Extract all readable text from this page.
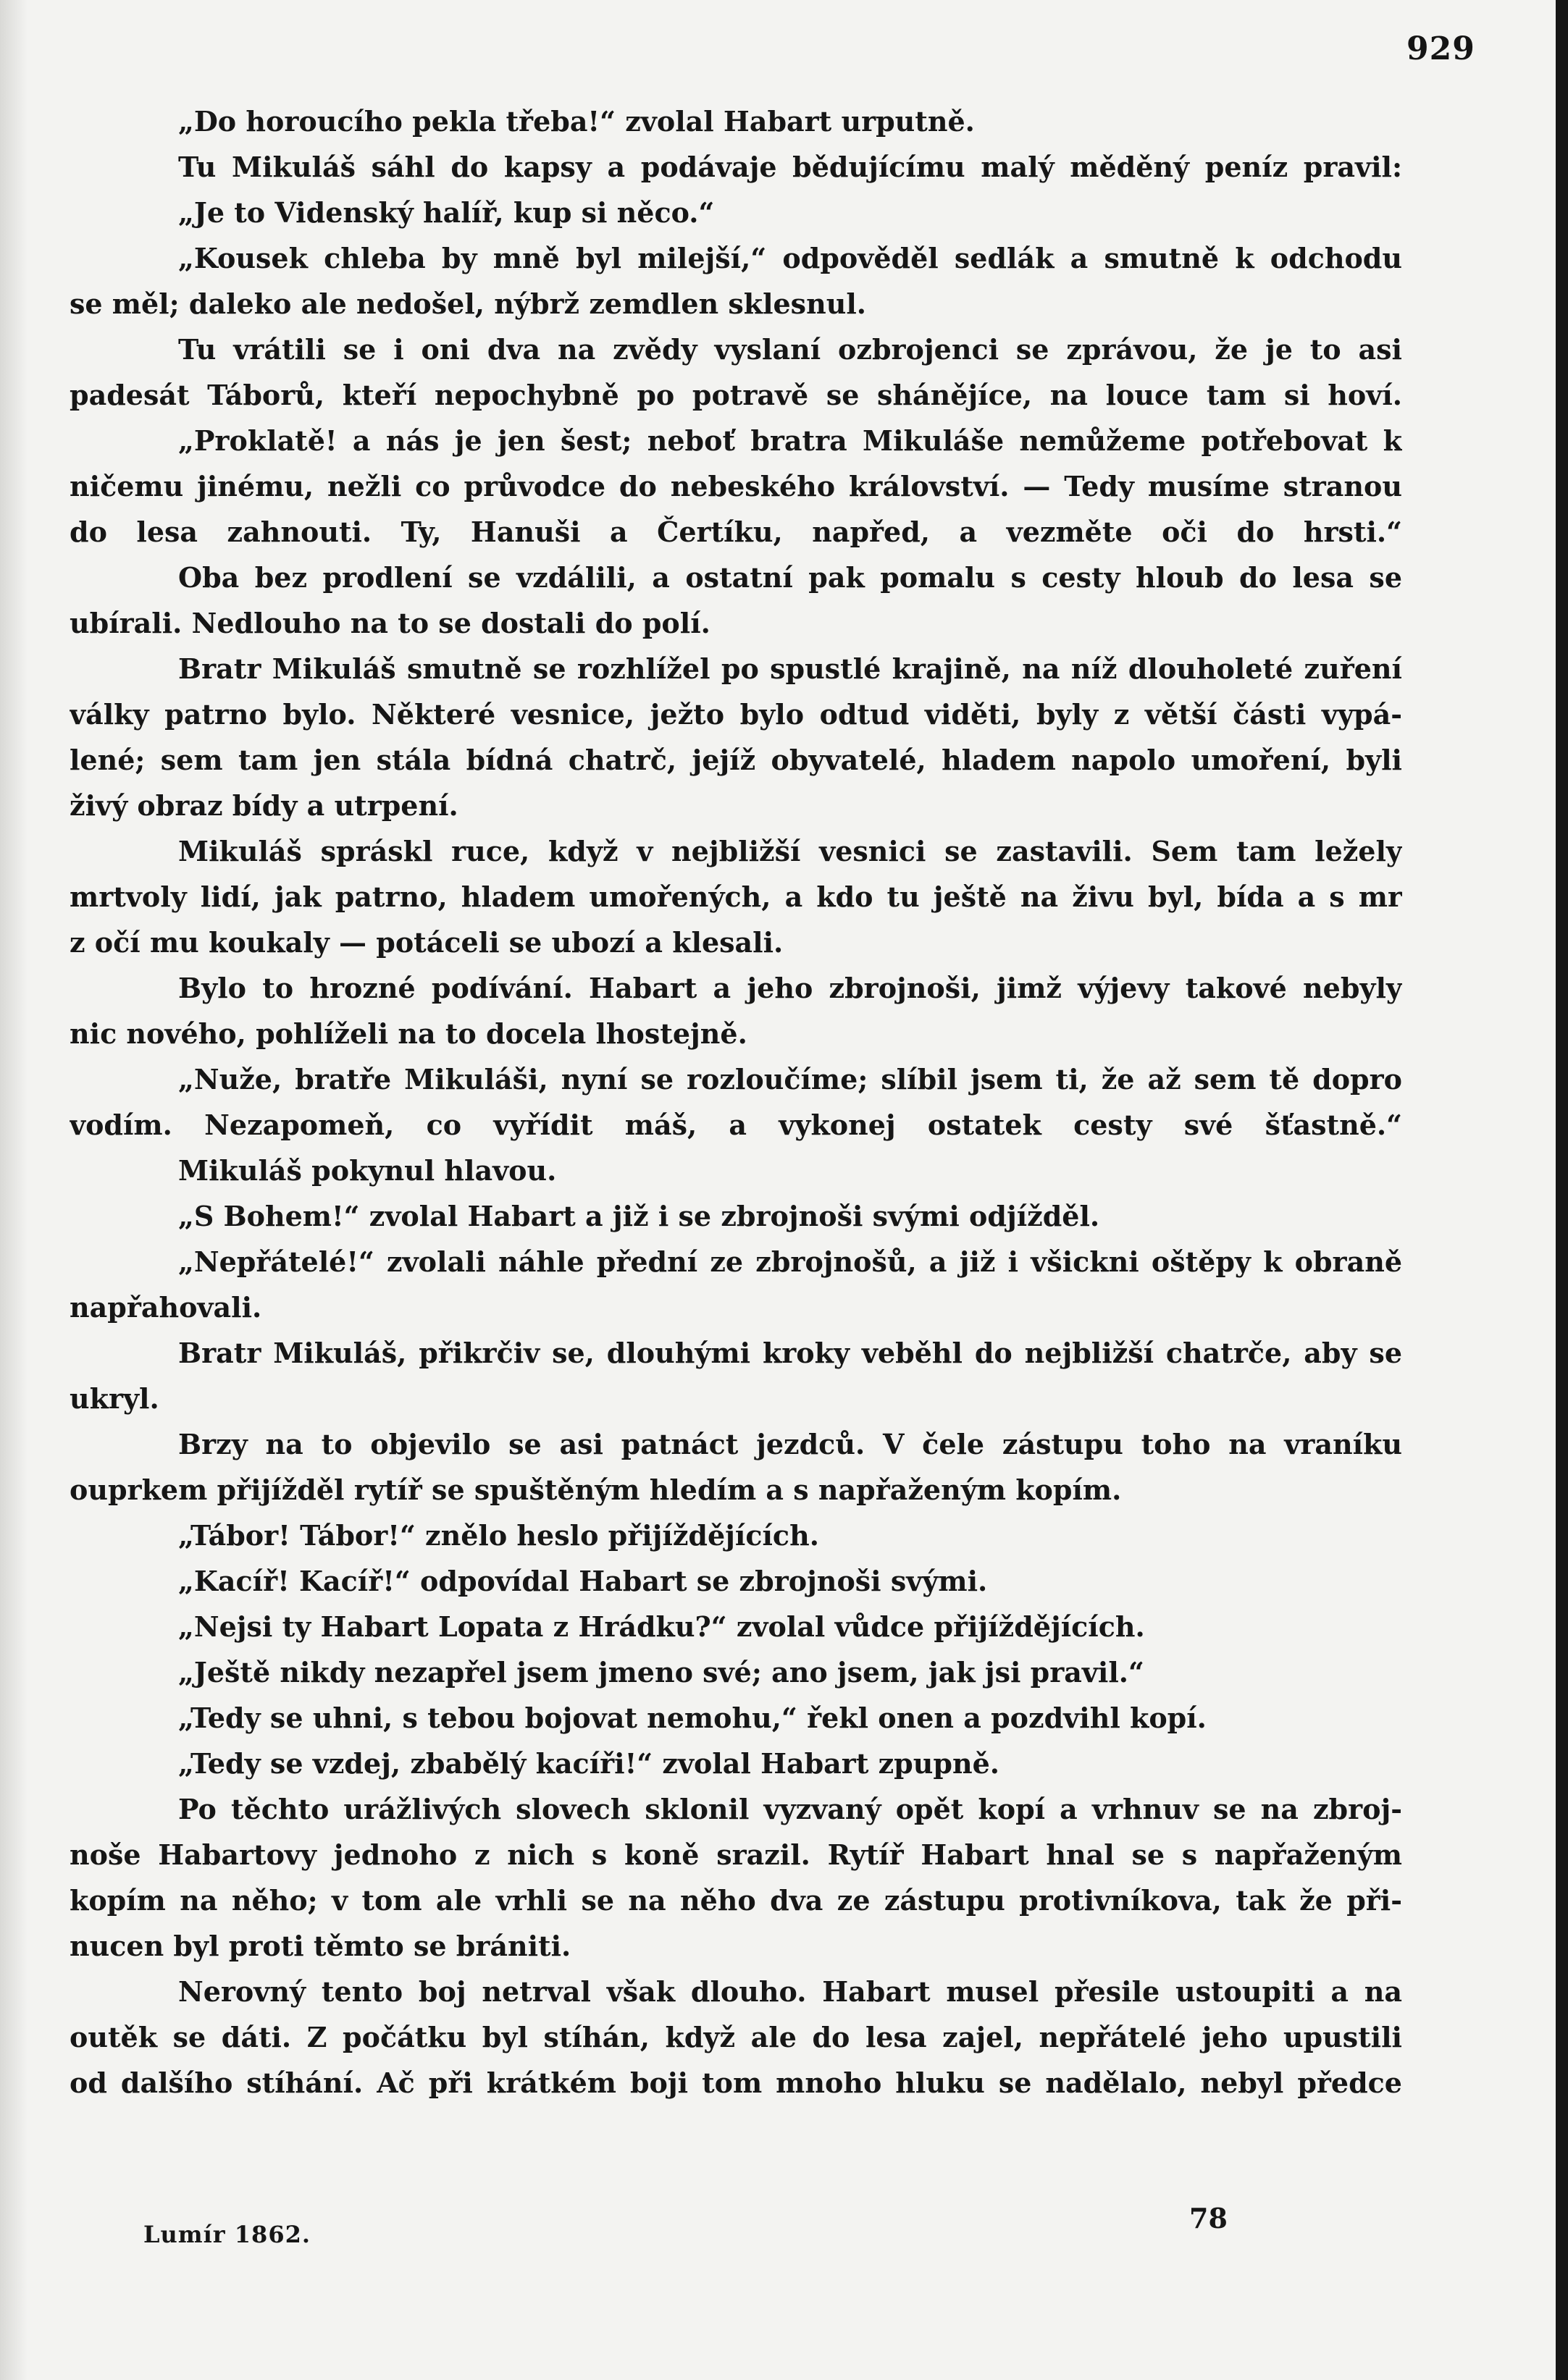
929
„Do horoucího pekla třeba!“ zvolal Habart urputně.
Tu Mikuláš sáhl do kapsy a podávaje bědujícímu malý měděný peníz pravil:
„Je to Videnský halíř, kup si něco.“
„Kousek chleba by mně byl milejší,“ odpověděl sedlák a smutně k odchodu
se měl; daleko ale nedošel, nýbrž zemdlen sklesnul.
Tu vrátili se i oni dva na zvědy vyslaní ozbrojenci se zprávou, že je to asi
padesát Táborů, kteří nepochybně po potravě se shánějíce, na louce tam si hoví.
„Proklatě! a nás je jen šest; neboť bratra Mikuláše nemůžeme potřebovat k
ničemu jinému, nežli co průvodce do nebeského království. — Tedy musíme stranou
do lesa zahnouti. Ty, Hanuši a Čertíku, napřed, a vezměte oči do hrsti.“
Oba bez prodlení se vzdálili, a ostatní pak pomalu s cesty hloub do lesa se
ubírali. Nedlouho na to se dostali do polí.
Bratr Mikuláš smutně se rozhlížel po spustlé krajině, na níž dlouholeté zuření
války patrno bylo. Některé vesnice, ježto bylo odtud viděti, byly z větší části vypá-
lené; sem tam jen stála bídná chatrč, jejíž obyvatelé, hladem napolo umoření, byli
živý obraz bídy a utrpení.
Mikuláš spráskl ruce, když v nejbližší vesnici se zastavili. Sem tam ležely
mrtvoly lidí, jak patrno, hladem umořených, a kdo tu ještě na živu byl, bída a s mr
z očí mu koukaly — potáceli se ubozí a klesali.
Bylo to hrozné podívání. Habart a jeho zbrojnoši, jimž výjevy takové nebyly
nic nového, pohlíželi na to docela lhostejně.
„Nuže, bratře Mikuláši, nyní se rozloučíme; slíbil jsem ti, že až sem tě dopro
vodím. Nezapomeň, co vyřídit máš, a vykonej ostatek cesty své šťastně.“
Mikuláš pokynul hlavou.
„S Bohem!“ zvolal Habart a již i se zbrojnoši svými odjížděl.
„Nepřátelé!“ zvolali náhle přední ze zbrojnošů, a již i všickni oštěpy k obraně
napřahovali.
Bratr Mikuláš, přikrčiv se, dlouhými kroky veběhl do nejbližší chatrče, aby se
ukryl.
Brzy na to objevilo se asi patnáct jezdců. V čele zástupu toho na vraníku
ouprkem přijížděl rytíř se spuštěným hledím a s napřaženým kopím.
„Tábor! Tábor!“ znělo heslo přijíždějících.
„Kacíř! Kacíř!“ odpovídal Habart se zbrojnoši svými.
„Nejsi ty Habart Lopata z Hrádku?“ zvolal vůdce přijíždějících.
„Ještě nikdy nezapřel jsem jmeno své; ano jsem, jak jsi pravil.“
„Tedy se uhni, s tebou bojovat nemohu,“ řekl onen a pozdvihl kopí.
„Tedy se vzdej, zbabělý kacíři!“ zvolal Habart zpupně.
Po těchto urážlivých slovech sklonil vyzvaný opět kopí a vrhnuv se na zbroj-
noše Habartovy jednoho z nich s koně srazil. Rytíř Habart hnal se s napřaženým
kopím na něho; v tom ale vrhli se na něho dva ze zástupu protivníkova, tak že při-
nucen byl proti těmto se brániti.
Nerovný tento boj netrval však dlouho. Habart musel přesile ustoupiti a na
outěk se dáti. Z počátku byl stíhán, když ale do lesa zajel, nepřátelé jeho upustili
od dalšího stíhání. Ač při krátkém boji tom mnoho hluku se nadělalo, nebyl předce
78
Lumír 1862.
